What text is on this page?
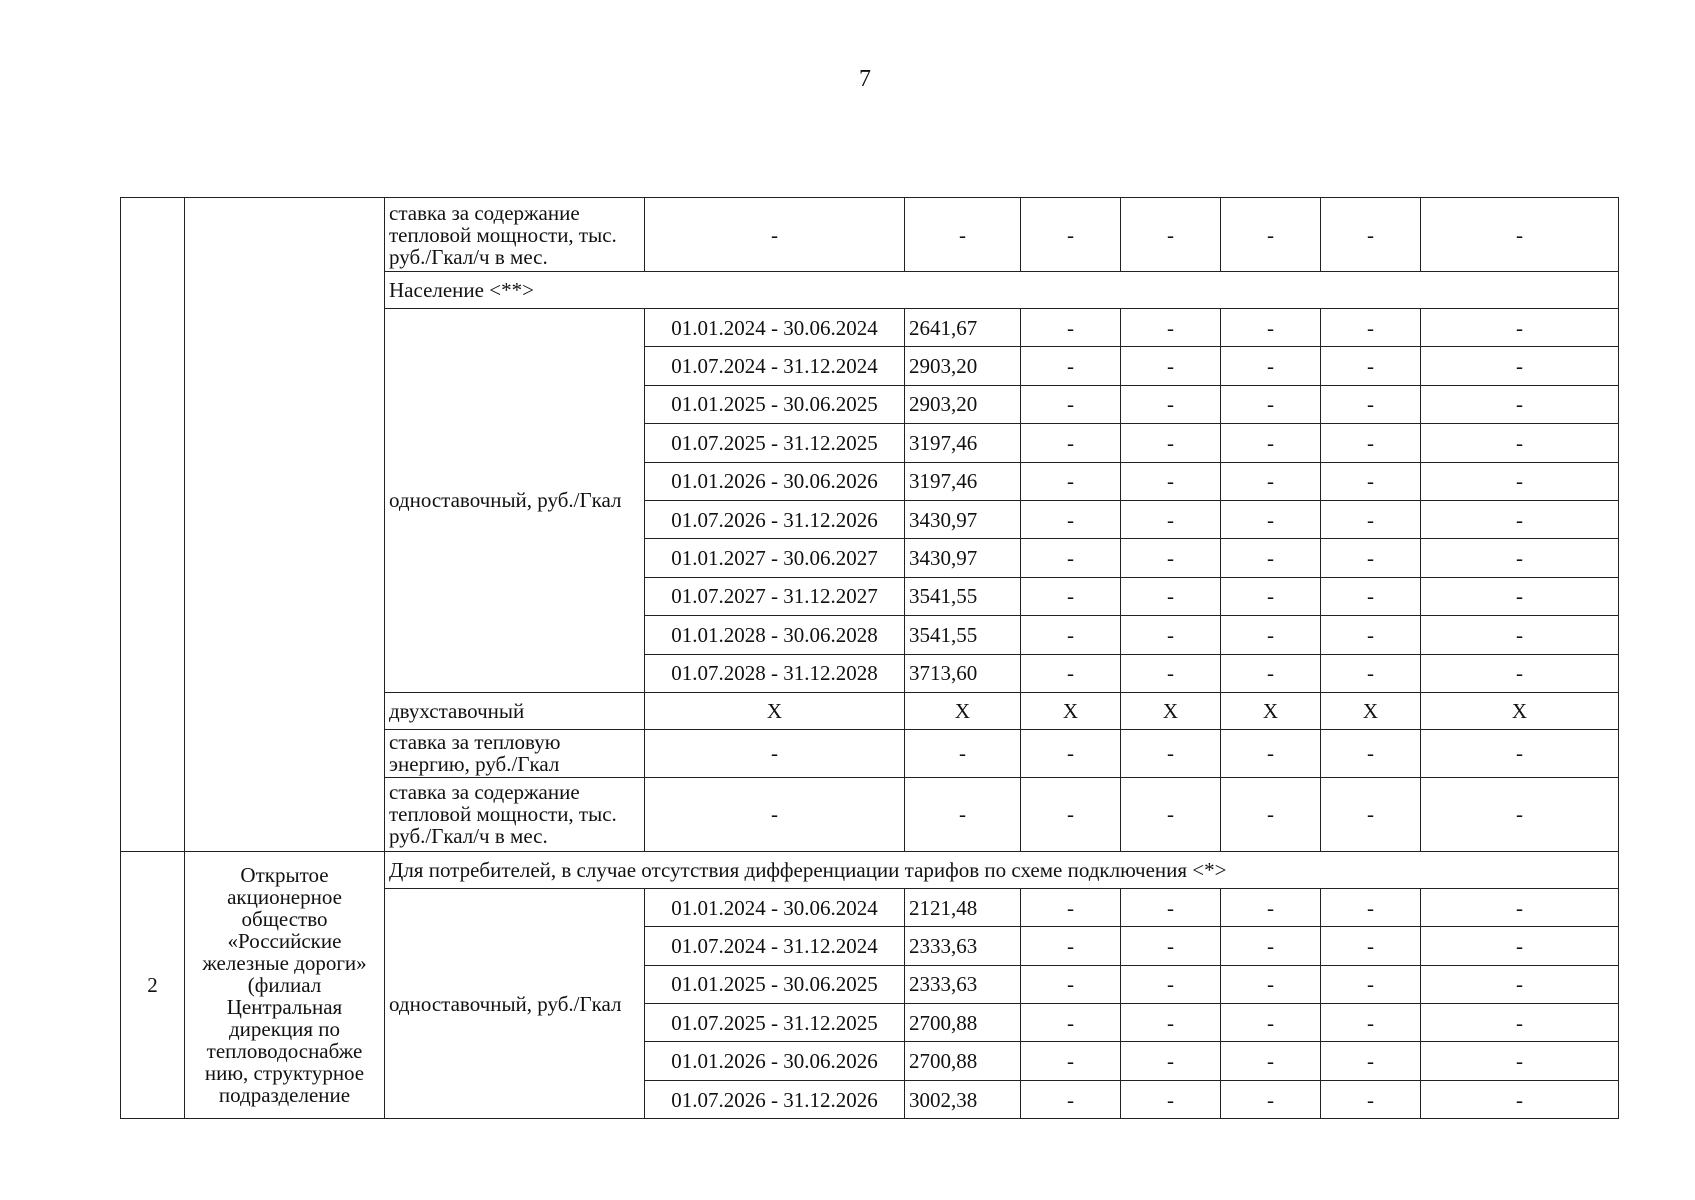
7
		ставка за содержание тепловой мощности, тыс. руб./Гкал/ч в мес.	-	-	-	-	-	-	-
		Население <**>							
		одноставочный, руб./Гкал	01.01.2024 - 30.06.2024	2641,67	-	-	-	-	-
			01.07.2024 - 31.12.2024	2903,20	-	-	-	-	-
			01.01.2025 - 30.06.2025	2903,20	-	-	-	-	-
			01.07.2025 - 31.12.2025	3197,46	-	-	-	-	-
			01.01.2026 - 30.06.2026	3197,46	-	-	-	-	-
			01.07.2026 - 31.12.2026	3430,97	-	-	-	-	-
			01.01.2027 - 30.06.2027	3430,97	-	-	-	-	-
			01.07.2027 - 31.12.2027	3541,55	-	-	-	-	-
			01.01.2028 - 30.06.2028	3541,55	-	-	-	-	-
			01.07.2028 - 31.12.2028	3713,60	-	-	-	-	-
		двухставочный	X	X	X	X	X	X	X
		ставка за тепловую энергию, руб./Гкал	-	-	-	-	-	-	-
		ставка за содержание тепловой мощности, тыс. руб./Гкал/ч в мес.	-	-	-	-	-	-	-
2	Открытое акционерное общество «Российские железные дороги» (филиал Центральная дирекция по тепловодоснабже нию, структурное подразделение	Для потребителей, в случае отсутствия дифференциации тарифов по схеме подключения <*>							
		одноставочный, руб./Гкал	01.01.2024 - 30.06.2024	2121,48	-	-	-	-	-
			01.07.2024 - 31.12.2024	2333,63	-	-	-	-	-
			01.01.2025 - 30.06.2025	2333,63	-	-	-	-	-
			01.07.2025 - 31.12.2025	2700,88	-	-	-	-	-
			01.01.2026 - 30.06.2026	2700,88	-	-	-	-	-
			01.07.2026 - 31.12.2026	3002,38	-	-	-	-	-
